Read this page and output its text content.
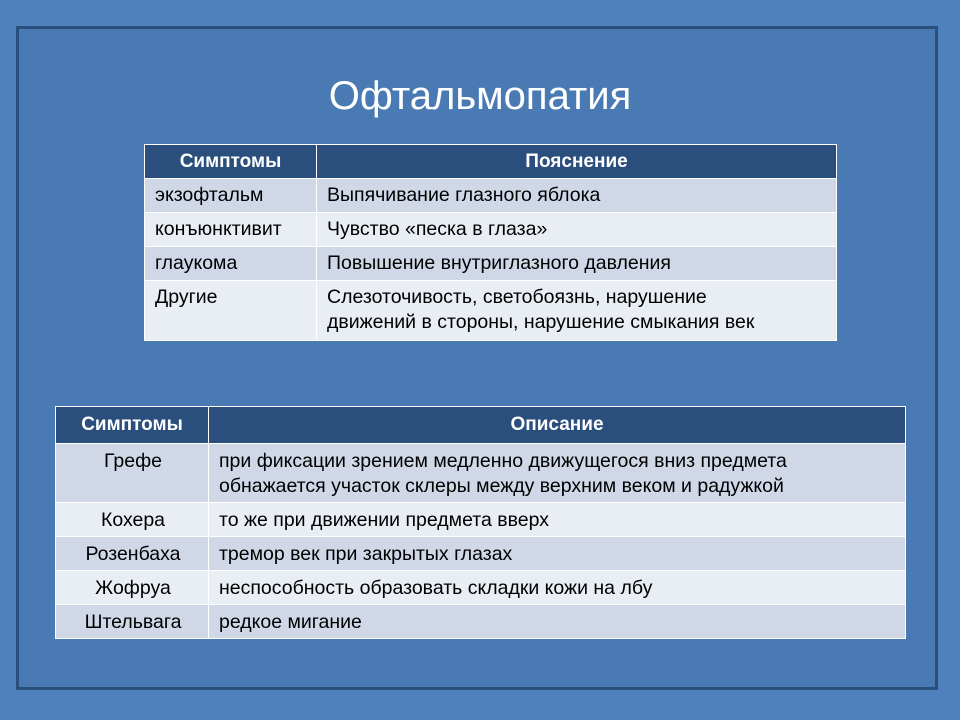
Офтальмопатия
Симптомы	Пояснение
экзофтальм	Выпячивание глазного яблока
конъюнктивит	Чувство «песка в глаза»
глаукома	Повышение внутриглазного давления
Другие	Слезоточивость, светобоязнь, нарушение
движений в стороны, нарушение смыкания век
Симптомы	Описание
Грефе	при фиксации зрением медленно движущегося вниз предмета
обнажается участок склеры между верхним веком и радужкой

Кохера	то же при движении предмета вверх
Розенбаха	тремор век при закрытых глазах
Жофруа	неспособность образовать складки кожи на лбу
Штельвага	редкое мигание
